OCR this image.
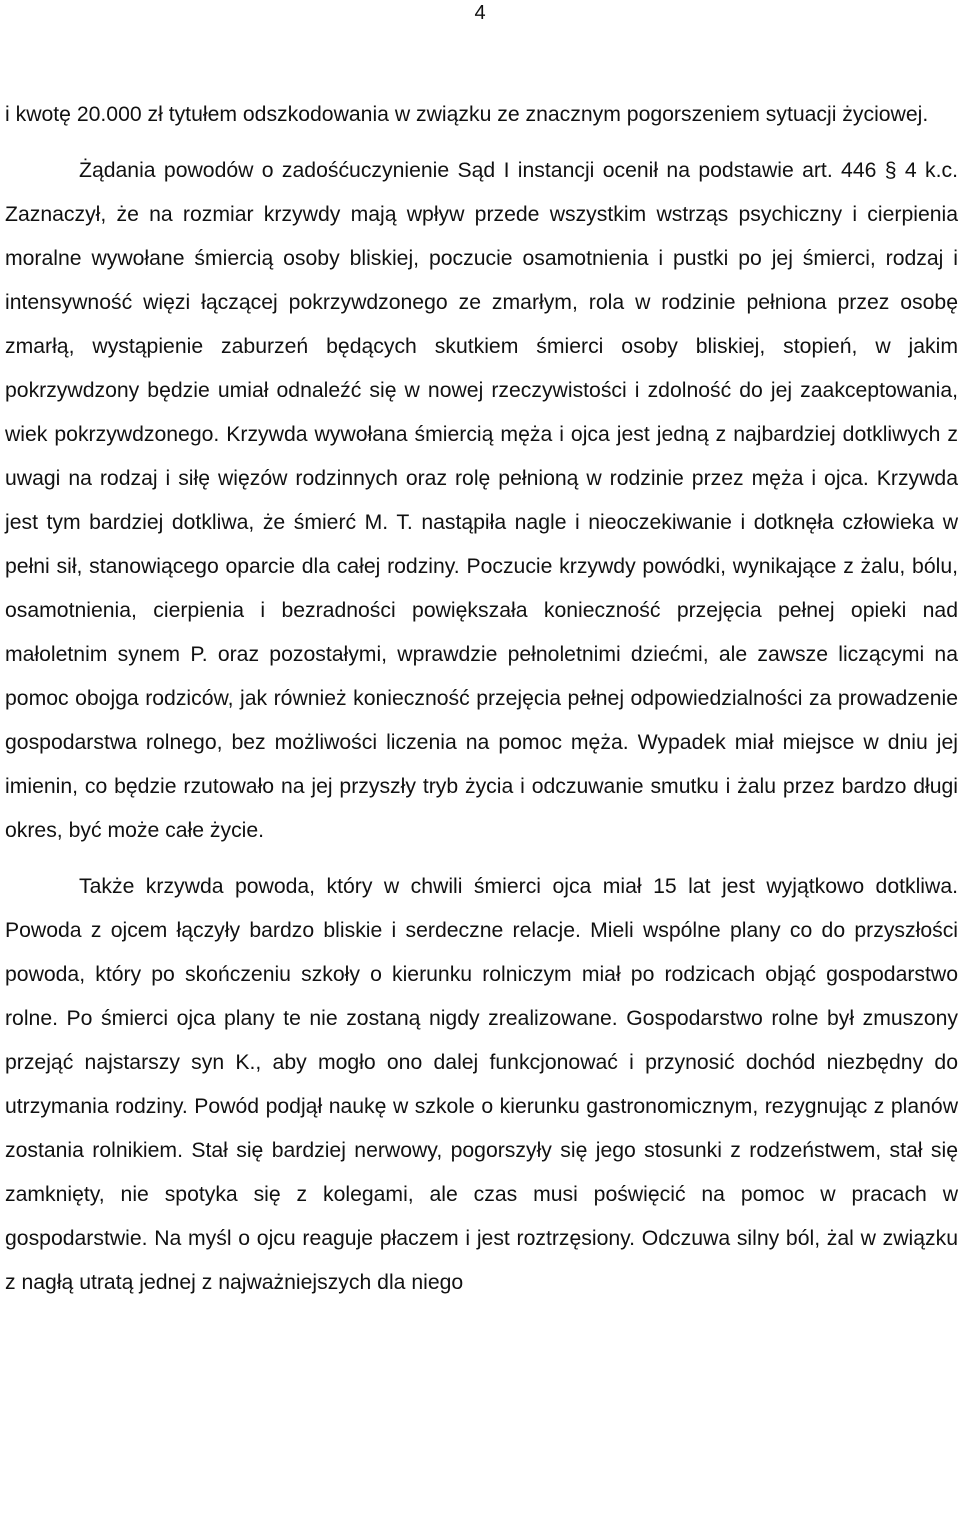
4

i kwotę 20.000 zł tytułem odszkodowania w związku ze znacznym pogorszeniem sytuacji życiowej.

Żądania powodów o zadośćuczynienie Sąd I instancji ocenił na podstawie art. 446 § 4 k.c. Zaznaczył, że na rozmiar krzywdy mają wpływ przede wszystkim wstrząs psychiczny i cierpienia moralne wywołane śmiercią osoby bliskiej, poczucie osamotnienia i pustki po jej śmierci, rodzaj i intensywność więzi łączącej pokrzywdzonego ze zmarłym, rola w rodzinie pełniona przez osobę zmarłą, wystąpienie zaburzeń będących skutkiem śmierci osoby bliskiej, stopień, w jakim pokrzywdzony będzie umiał odnaleźć się w nowej rzeczywistości i zdolność do jej zaakceptowania, wiek pokrzywdzonego. Krzywda wywołana śmiercią męża i ojca jest jedną z najbardziej dotkliwych z uwagi na rodzaj i siłę więzów rodzinnych oraz rolę pełnioną w rodzinie przez męża i ojca. Krzywda jest tym bardziej dotkliwa, że śmierć M. T. nastąpiła nagle i nieoczekiwanie i dotknęła człowieka w pełni sił, stanowiącego oparcie dla całej rodziny. Poczucie krzywdy powódki, wynikające z żalu, bólu, osamotnienia, cierpienia i bezradności powiększała konieczność przejęcia pełnej opieki nad małoletnim synem P. oraz pozostałymi, wprawdzie pełnoletnimi dziećmi, ale zawsze liczącymi na pomoc obojga rodziców, jak również konieczność przejęcia pełnej odpowiedzialności za prowadzenie gospodarstwa rolnego, bez możliwości liczenia na pomoc męża. Wypadek miał miejsce w dniu jej imienin, co będzie rzutowało na jej przyszły tryb życia i odczuwanie smutku i żalu przez bardzo długi okres, być może całe życie.

Także krzywda powoda, który w chwili śmierci ojca miał 15 lat jest wyjątkowo dotkliwa. Powoda z ojcem łączyły bardzo bliskie i serdeczne relacje. Mieli wspólne plany co do przyszłości powoda, który po skończeniu szkoły o kierunku rolniczym miał po rodzicach objąć gospodarstwo rolne. Po śmierci ojca plany te nie zostaną nigdy zrealizowane. Gospodarstwo rolne był zmuszony przejąć najstarszy syn K., aby mogło ono dalej funkcjonować i przynosić dochód niezbędny do utrzymania rodziny. Powód podjął naukę w szkole o kierunku gastronomicznym, rezygnując z planów zostania rolnikiem. Stał się bardziej nerwowy, pogorszyły się jego stosunki z rodzeństwem, stał się zamknięty, nie spotyka się z kolegami, ale czas musi poświęcić na pomoc w pracach w gospodarstwie. Na myśl o ojcu reaguje płaczem i jest roztrzęsiony. Odczuwa silny ból, żal w związku z nagłą utratą jednej z najważniejszych dla niego
